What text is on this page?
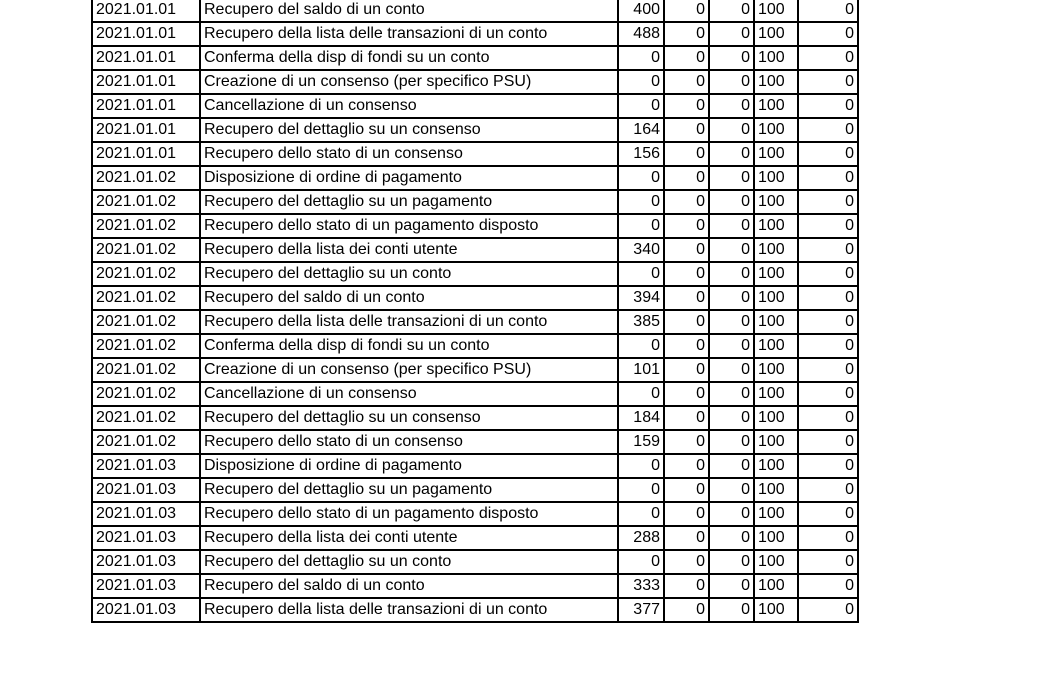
2021.01.01	Recupero del saldo di un conto	400	0	0	100	0
2021.01.01	Recupero della lista delle transazioni di un conto	488	0	0	100	0
2021.01.01	Conferma della disp di fondi su un conto	0	0	0	100	0
2021.01.01	Creazione di un consenso (per specifico PSU)	0	0	0	100	0
2021.01.01	Cancellazione di un consenso	0	0	0	100	0
2021.01.01	Recupero del dettaglio su un consenso	164	0	0	100	0
2021.01.01	Recupero dello stato di un consenso	156	0	0	100	0
2021.01.02	Disposizione di ordine di pagamento	0	0	0	100	0
2021.01.02	Recupero del dettaglio su un pagamento	0	0	0	100	0
2021.01.02	Recupero dello stato di un pagamento disposto	0	0	0	100	0
2021.01.02	Recupero della lista dei conti utente	340	0	0	100	0
2021.01.02	Recupero del dettaglio su un conto	0	0	0	100	0
2021.01.02	Recupero del saldo di un conto	394	0	0	100	0
2021.01.02	Recupero della lista delle transazioni di un conto	385	0	0	100	0
2021.01.02	Conferma della disp di fondi su un conto	0	0	0	100	0
2021.01.02	Creazione di un consenso (per specifico PSU)	101	0	0	100	0
2021.01.02	Cancellazione di un consenso	0	0	0	100	0
2021.01.02	Recupero del dettaglio su un consenso	184	0	0	100	0
2021.01.02	Recupero dello stato di un consenso	159	0	0	100	0
2021.01.03	Disposizione di ordine di pagamento	0	0	0	100	0
2021.01.03	Recupero del dettaglio su un pagamento	0	0	0	100	0
2021.01.03	Recupero dello stato di un pagamento disposto	0	0	0	100	0
2021.01.03	Recupero della lista dei conti utente	288	0	0	100	0
2021.01.03	Recupero del dettaglio su un conto	0	0	0	100	0
2021.01.03	Recupero del saldo di un conto	333	0	0	100	0
2021.01.03	Recupero della lista delle transazioni di un conto	377	0	0	100	0
